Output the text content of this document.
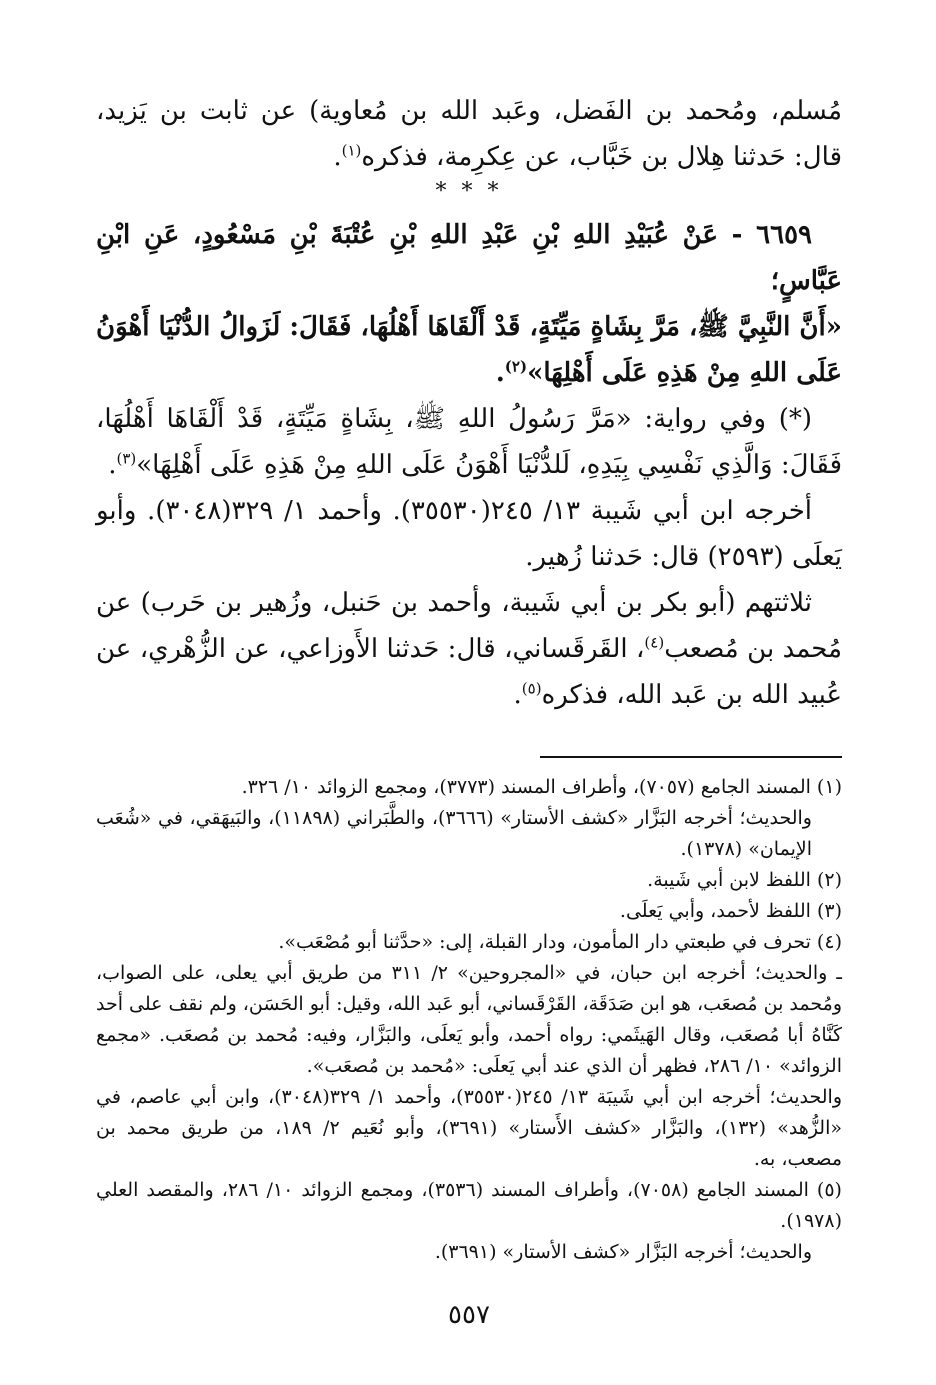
مُسلم، ومُحمد بن الفَضل، وعَبد الله بن مُعاوية) عن ثابت بن يَزيد، قال: حَدثنا هِلال بن خَبَّاب، عن عِكرِمة، فذكره$^{(١)}$.

* * *

٦٦٥٩ - عَنْ عُبَيْدِ اللهِ بْنِ عَبْدِ اللهِ بْنِ عُتْبَةَ بْنِ مَسْعُودٍ، عَنِ ابْنِ عَبَّاسٍ؛

«أَنَّ النَّبِيَّ ﷺ، مَرَّ بِشَاةٍ مَيِّتَةٍ، قَدْ أَلْقَاهَا أَهْلُهَا، فَقَالَ: لَزَوالُ الدُّنْيَا أَهْوَنُ عَلَى اللهِ مِنْ هَذِهِ عَلَى أَهْلِهَا»$^{(٢)}$.

(*) وفي رواية: «مَرَّ رَسُولُ اللهِ ﷺ، بِشَاةٍ مَيِّتَةٍ، قَدْ أَلْقَاهَا أَهْلُهَا، فَقَالَ: وَالَّذِي نَفْسِي بِيَدِهِ، لَلدُّنْيَا أَهْوَنُ عَلَى اللهِ مِنْ هَذِهِ عَلَى أَهْلِهَا»$^{(٣)}$.

أخرجه ابن أبي شَيبة ١٣/ ٢٤٥(٣٥٥٣٠). وأحمد ١/ ٣٢٩(٣٠٤٨). وأبو يَعلَى (٢٥٩٣) قال: حَدثنا زُهير.

ثلاثتهم (أبو بكر بن أبي شَيبة، وأحمد بن حَنبل، وزُهير بن حَرب) عن مُحمد بن مُصعب$^{(٤)}$، القَرقَساني، قال: حَدثنا الأَوزاعي، عن الزُّهْري، عن عُبيد الله بن عَبد الله، فذكره$^{(٥)}$.

(١) المسند الجامع (٧٠٥٧)، وأطراف المسند (٣٧٧٣)، ومجمع الزوائد ١٠/ ٣٢٦.

والحديث؛ أخرجه البَزَّار «كشف الأستار» (٣٦٦٦)، والطَّبَراني (١١٨٩٨)، والبَيهَقي، في «شُعَب الإيمان» (١٣٧٨).

(٢) اللفظ لابن أبي شَيبة.

(٣) اللفظ لأحمد، وأبي يَعلَى.

(٤) تحرف في طبعتي دار المأمون، ودار القبلة، إلى: «حدَّثنا أبو مُصْعَب».

ـ والحديث؛ أخرجه ابن حبان، في «المجروحين» ٢/ ٣١١ من طريق أبي يعلى، على الصواب، ومُحمد بن مُصعَب، هو ابن صَدَقَة، القَرْقَساني، أبو عَبد الله، وقيل: أبو الحَسَن، ولم نقف على أحد كَنَّاهُ أبا مُصعَب، وقال الهَيثَمي: رواه أحمد، وأبو يَعلَى، والبَزَّار، وفيه: مُحمد بن مُصعَب. «مجمع الزوائد» ١٠/ ٢٨٦، فظهر أن الذي عند أبي يَعلَى: «مُحمد بن مُصعَب».

والحديث؛ أخرجه ابن أبي شَيبَة ١٣/ ٢٤٥(٣٥٥٣٠)، وأحمد ١/ ٣٢٩(٣٠٤٨)، وابن أبي عاصم، في «الزُّهد» (١٣٢)، والبَزَّار «كشف الأَستار» (٣٦٩١)، وأبو نُعَيم ٢/ ١٨٩، من طريق محمد بن مصعب، به.

(٥) المسند الجامع (٧٠٥٨)، وأطراف المسند (٣٥٣٦)، ومجمع الزوائد ١٠/ ٢٨٦، والمقصد العلي (١٩٧٨).

والحديث؛ أخرجه البَزَّار «كشف الأستار» (٣٦٩١).

٥٥٧
